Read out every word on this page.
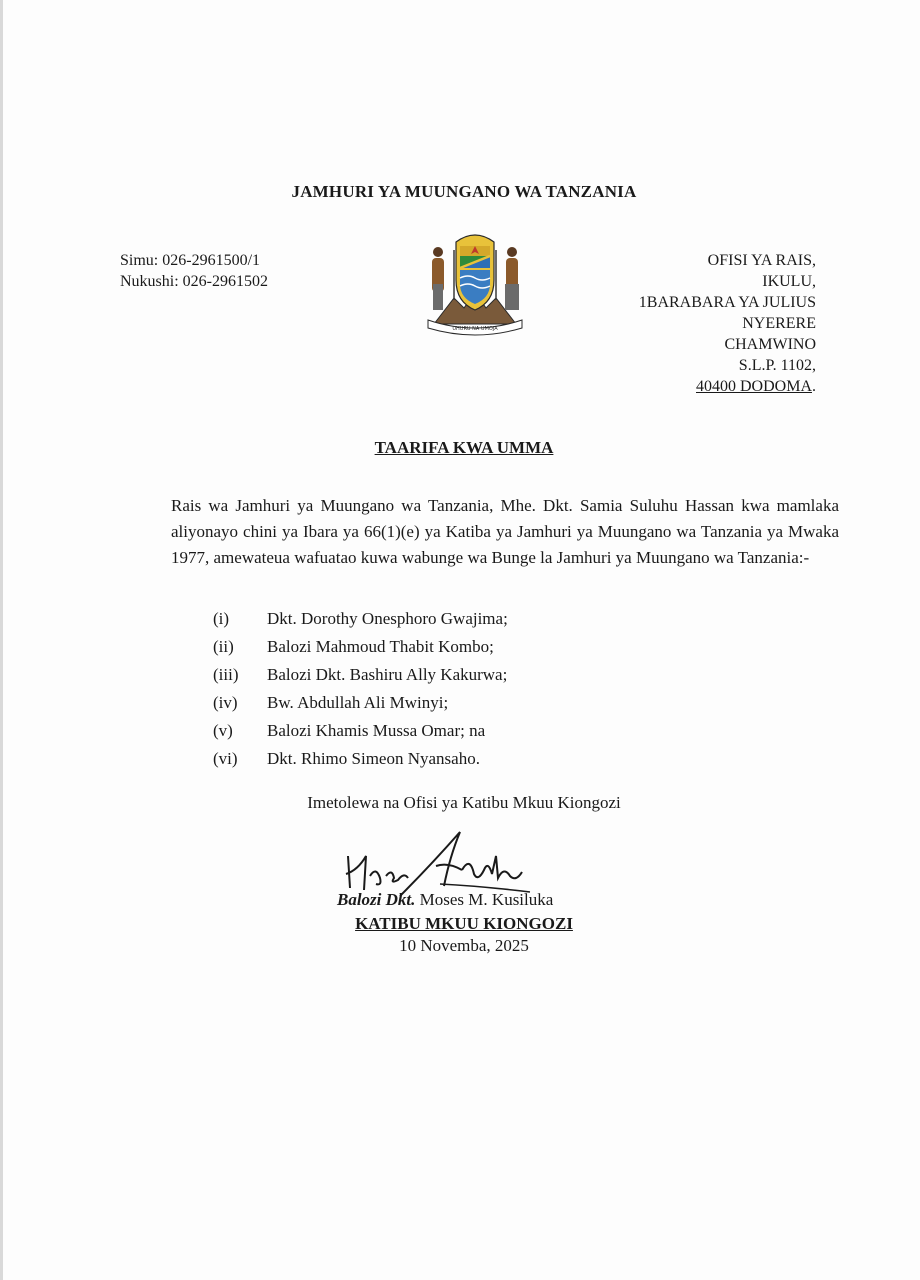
JAMHURI YA MUUNGANO WA TANZANIA
Simu: 026-2961500/1
Nukushi: 026-2961502
UHURU NA UMOJA
OFISI YA RAIS,
IKULU,
1BARABARA YA JULIUS
NYERERE
CHAMWINO
S.L.P. 1102,
40400 DODOMA.
TAARIFA KWA UMMA
Rais wa Jamhuri ya Muungano wa Tanzania, Mhe. Dkt. Samia Suluhu Hassan kwa mamlaka aliyonayo chini ya Ibara ya 66(1)(e) ya Katiba ya Jamhuri ya Muungano wa Tanzania ya Mwaka 1977, amewateua wafuatao kuwa wabunge wa Bunge la Jamhuri ya Muungano wa Tanzania:-
(i)	Dkt. Dorothy Onesphoro Gwajima;
(ii)	Balozi Mahmoud Thabit Kombo;
(iii)	Balozi Dkt. Bashiru Ally Kakurwa;
(iv)	Bw. Abdullah Ali Mwinyi;
(v)	Balozi Khamis Mussa Omar; na
(vi)	Dkt. Rhimo Simeon Nyansaho.
Imetolewa na Ofisi ya Katibu Mkuu Kiongozi
Balozi Dkt. Moses M. Kusiluka
KATIBU MKUU KIONGOZI
10 Novemba, 2025
